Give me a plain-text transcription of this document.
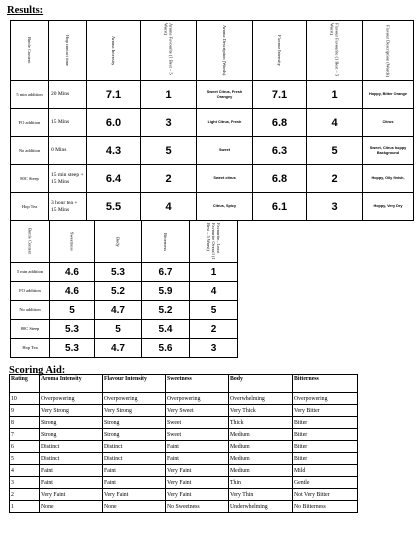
Results:
Bottle Content	Hop contact time	Aroma Intensity	Aroma Favourite (1 Best – 5 Worst)	Aroma Description (Words)	Flavour Intensity	Flavour Favourite (1 Best – 5 Worst)	Flavour Description (Words)

5 min addition	20 Mins	7.1	1	Sweet Citrus, Fresh Orangey	7.1	1	Hoppy, Bitter Orange
FO addition	15 Mins	6.0	3	Light Citrus, Fresh	6.8	4	Citrus
No addition	0 Mins	4.3	5	Sweet	6.3	5	Sweet, Citrus hoppy Background
80C Steep	15 min steep + 15 Mins	6.4	2	Sweet citrus	6.8	2	Hoppy, Oily finish,
Hop Tea	3 hour tea + 15 Mins	5.5	4	Citrus, Spicy	6.1	3	Hoppy, Very Dry
Bottle Content	Sweetness	Body	Bitterness	Favourite– Least Favourite Overall (1 Best – 5 Worst)

5 min addition	4.6	5.3	6.7	1
FO addition	4.6	5.2	5.9	4
No addition	5	4.7	5.2	5
80C Steep	5.3	5	5.4	2
Hop Tea	5.3	4.7	5.6	3
Scoring Aid:
Rating	Aroma Intensity	Flavour Intensity	Sweetness	Body	Bitterness
10	Overpowering	Overpowering	Overpowering	Overwhelming	Overpowering
9	Very Strong	Very Strong	Very Sweet	Very Thick	Very Bitter
8	Strong	Strong	Sweet	Thick	Bitter
7	Strong	Strong	Sweet	Medium	Bitter
6	Distinct	Distinct	Faint	Medium	Bitter
5	Distinct	Distinct	Faint	Medium	Bitter
4	Faint	Faint	Very Faint	Medium	Mild
3	Faint	Faint	Very Faint	Thin	Gentle
2	Very Faint	Very Faint	Very Faint	Very Thin	Not Very Bitter
1	None	None	No Sweetness	Underwhelming	No Bitterness
